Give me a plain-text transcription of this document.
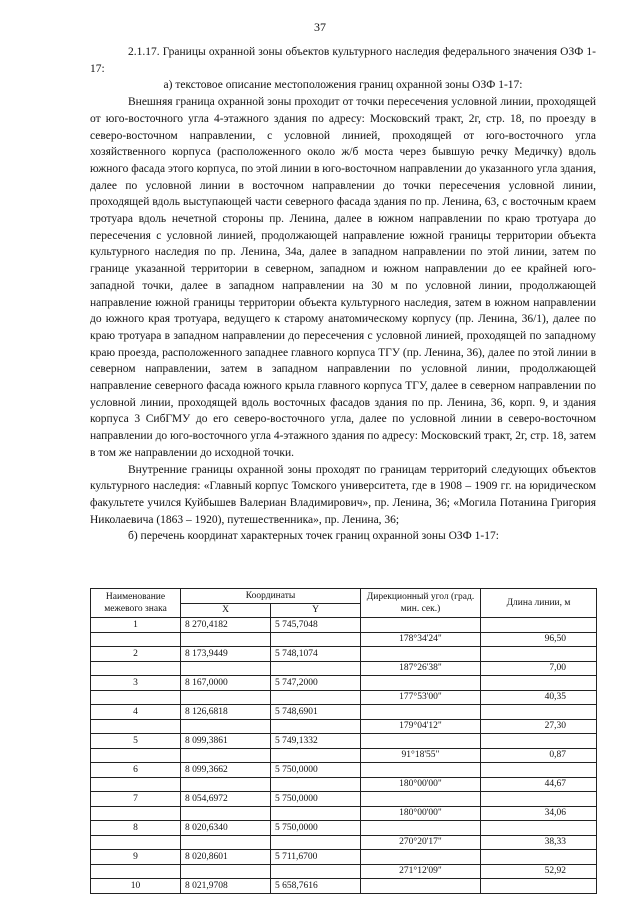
37

2.1.17. Границы охранной зоны объектов культурного наследия федерального значения ОЗФ 1-17:

а) текстовое описание местоположения границ охранной зоны ОЗФ 1-17:

Внешняя граница охранной зоны проходит от точки пересечения условной линии, проходящей от юго-восточного угла 4-этажного здания по адресу: Московский тракт, 2г, стр. 18, по проезду в северо-восточном направлении, с условной линией, проходящей от юго-восточного угла хозяйственного корпуса (расположенного около ж/б моста через бывшую речку Медичку) вдоль южного фасада этого корпуса, по этой линии в юго-восточном направлении до указанного угла здания, далее по условной линии в восточном направлении до точки пересечения условной линии, проходящей вдоль выступающей части северного фасада здания по пр. Ленина, 63, с восточным краем тротуара вдоль нечетной стороны пр. Ленина, далее в южном направлении по краю тротуара до пересечения с условной линией, продолжающей направление южной границы территории объекта культурного наследия по пр. Ленина, 34а, далее в западном направлении по этой линии, затем по границе указанной территории в северном, западном и южном направлении до ее крайней юго-западной точки, далее в западном направлении на 30 м по условной линии, продолжающей направление южной границы территории объекта культурного наследия, затем в южном направлении до южного края тротуара, ведущего к старому анатомическому корпусу (пр. Ленина, 36/1), далее по краю тротуара в западном направлении до пересечения с условной линией, проходящей по западному краю проезда, расположенного западнее главного корпуса ТГУ (пр. Ленина, 36), далее по этой линии в северном направлении, затем в западном направлении по условной линии, продолжающей направление северного фасада южного крыла главного корпуса ТГУ, далее в северном направлении по условной линии, проходящей вдоль восточных фасадов здания по пр. Ленина, 36, корп. 9, и здания корпуса 3 СибГМУ до его северо-восточного угла, далее по условной линии в северо-восточном направлении до юго-восточного угла 4-этажного здания по адресу: Московский тракт, 2г, стр. 18, затем в том же направлении до исходной точки.

Внутренние границы охранной зоны проходят по границам территорий следующих объектов культурного наследия: «Главный корпус Томского университета, где в 1908 – 1909 гг. на юридическом факультете учился Куйбышев Валериан Владимирович», пр. Ленина, 36; «Могила Потанина Григория Николаевича (1863 – 1920), путешественника», пр. Ленина, 36;

б) перечень координат характерных точек границ охранной зоны ОЗФ 1-17:

Наименование межевого знака	Координаты		Дирекционный угол (град. мин. сек.)	Длина линии, м
	X	Y		
1	8 270,4182	5 745,7048		
			178°34'24"	96,50
2	8 173,9449	5 748,1074		
			187°26'38"	7,00
3	8 167,0000	5 747,2000		
			177°53'00"	40,35
4	8 126,6818	5 748,6901		
			179°04'12"	27,30
5	8 099,3861	5 749,1332		
			91°18'55"	0,87
6	8 099,3662	5 750,0000		
			180°00'00"	44,67
7	8 054,6972	5 750,0000		
			180°00'00"	34,06
8	8 020,6340	5 750,0000		
			270°20'17"	38,33
9	8 020,8601	5 711,6700		
			271°12'09"	52,92
10	8 021,9708	5 658,7616		
